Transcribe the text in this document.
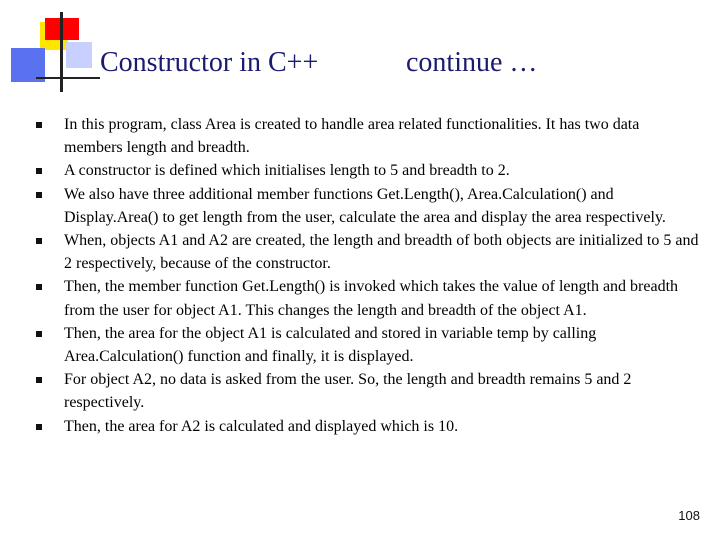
Constructor in C++	continue …
In this program, class Area is created to handle area related functionalities. It has two data members length and breadth.
A constructor is defined which initialises length to 5 and breadth to 2.
We also have three additional member functions Get.Length(), Area.Calculation() and Display.Area() to get length from the user, calculate the area and display the area respectively.
When, objects A1 and A2 are created, the length and breadth of both objects are initialized to 5 and 2 respectively, because of the constructor.
Then, the member function Get.Length() is invoked which takes the value of length and breadth from the user for object A1. This changes the length and breadth of the object A1.
Then, the area for the object A1 is calculated and stored in variable temp by calling Area.Calculation() function and finally, it is displayed.
For object A2, no data is asked from the user. So, the length and breadth remains 5 and 2 respectively.
Then, the area for A2 is calculated and displayed which is 10.
108
